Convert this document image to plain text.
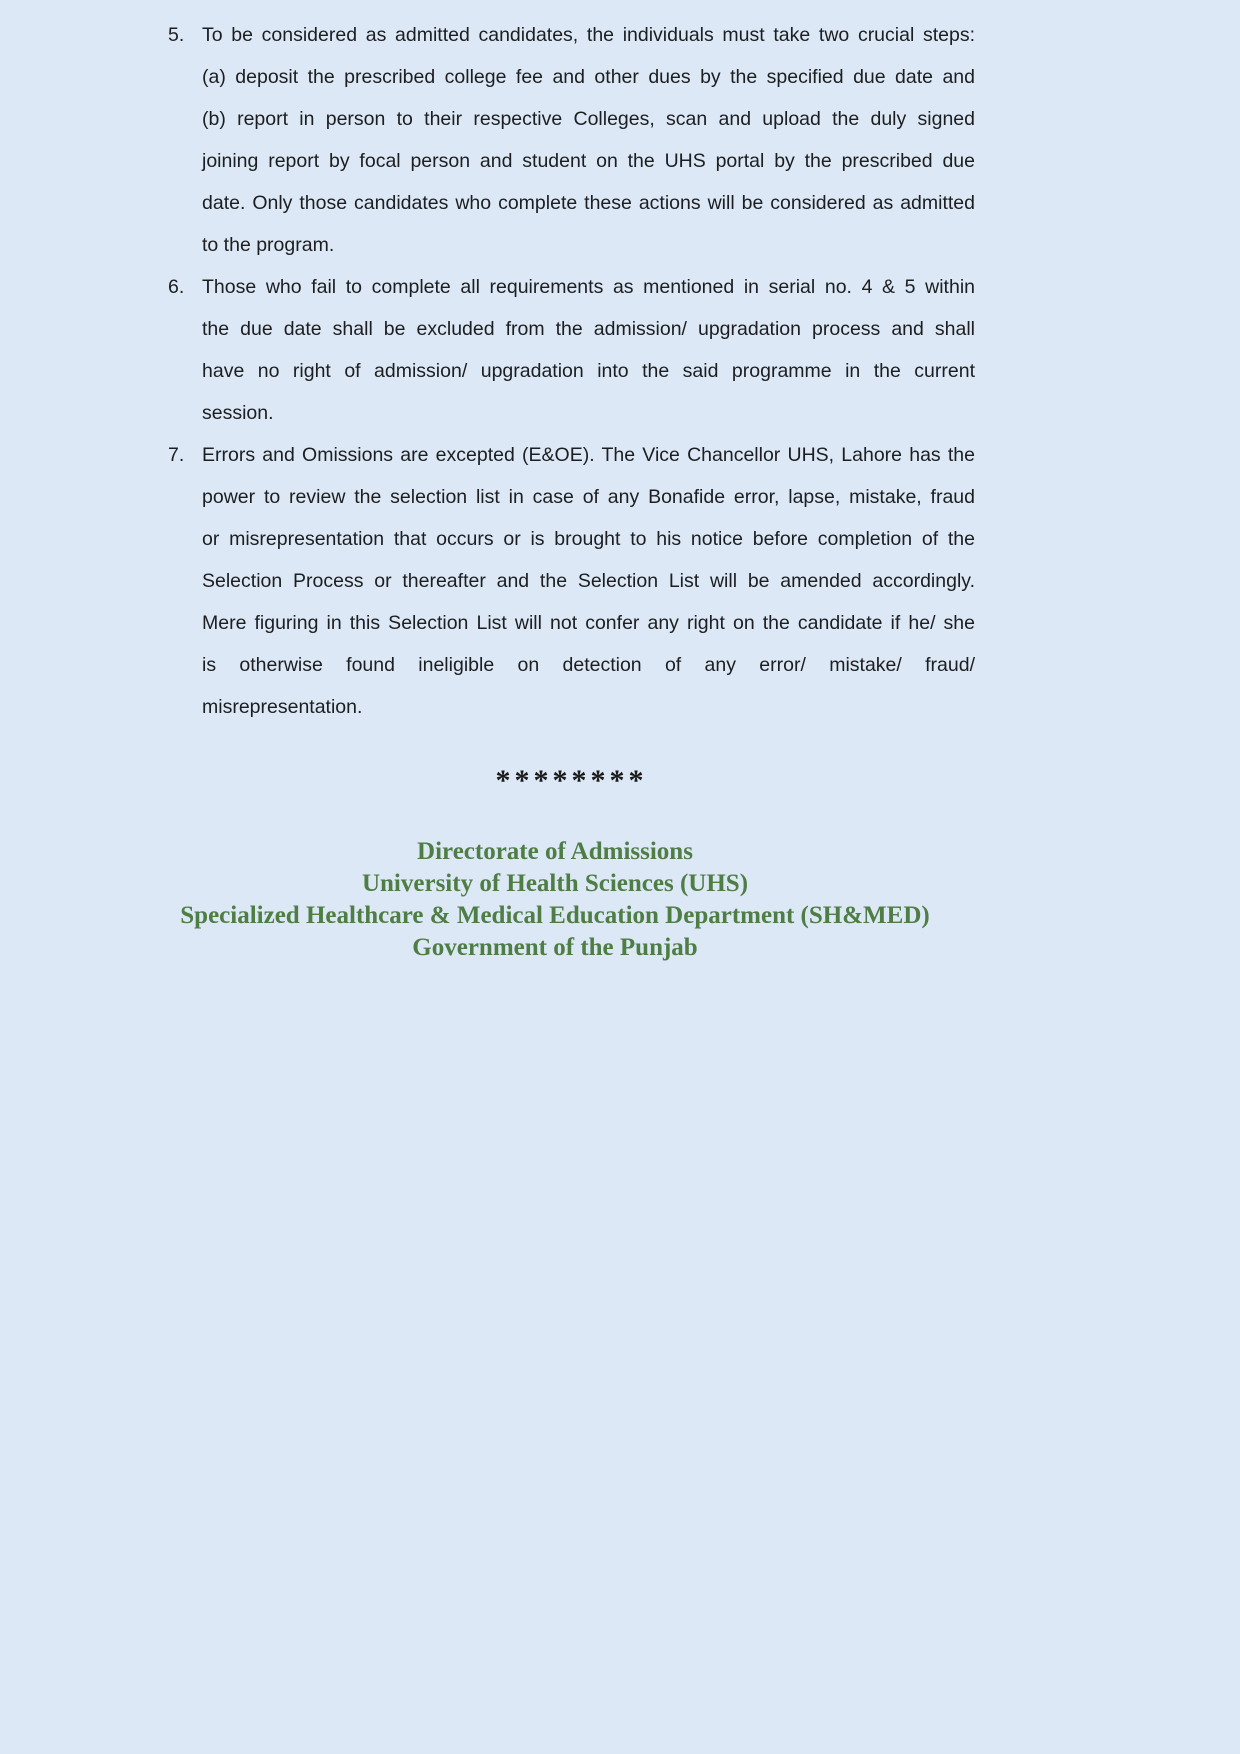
5. To be considered as admitted candidates, the individuals must take two crucial steps:
(a) deposit the prescribed college fee and other dues by the specified due date and
(b) report in person to their respective Colleges, scan and upload the duly signed
joining report by focal person and student on the UHS portal by the prescribed due
date. Only those candidates who complete these actions will be considered as admitted
to the program.
6. Those who fail to complete all requirements as mentioned in serial no. 4 & 5 within
the due date shall be excluded from the admission/ upgradation process and shall
have no right of admission/ upgradation into the said programme in the current
session.
7. Errors and Omissions are excepted (E&OE). The Vice Chancellor UHS, Lahore has the
power to review the selection list in case of any Bonafide error, lapse, mistake, fraud
or misrepresentation that occurs or is brought to his notice before completion of the
Selection Process or thereafter and the Selection List will be amended accordingly.
Mere figuring in this Selection List will not confer any right on the candidate if he/ she
is otherwise found ineligible on detection of any error/ mistake/ fraud/
misrepresentation.
********
Directorate of Admissions
University of Health Sciences (UHS)
Specialized Healthcare & Medical Education Department (SH&MED)
Government of the Punjab
